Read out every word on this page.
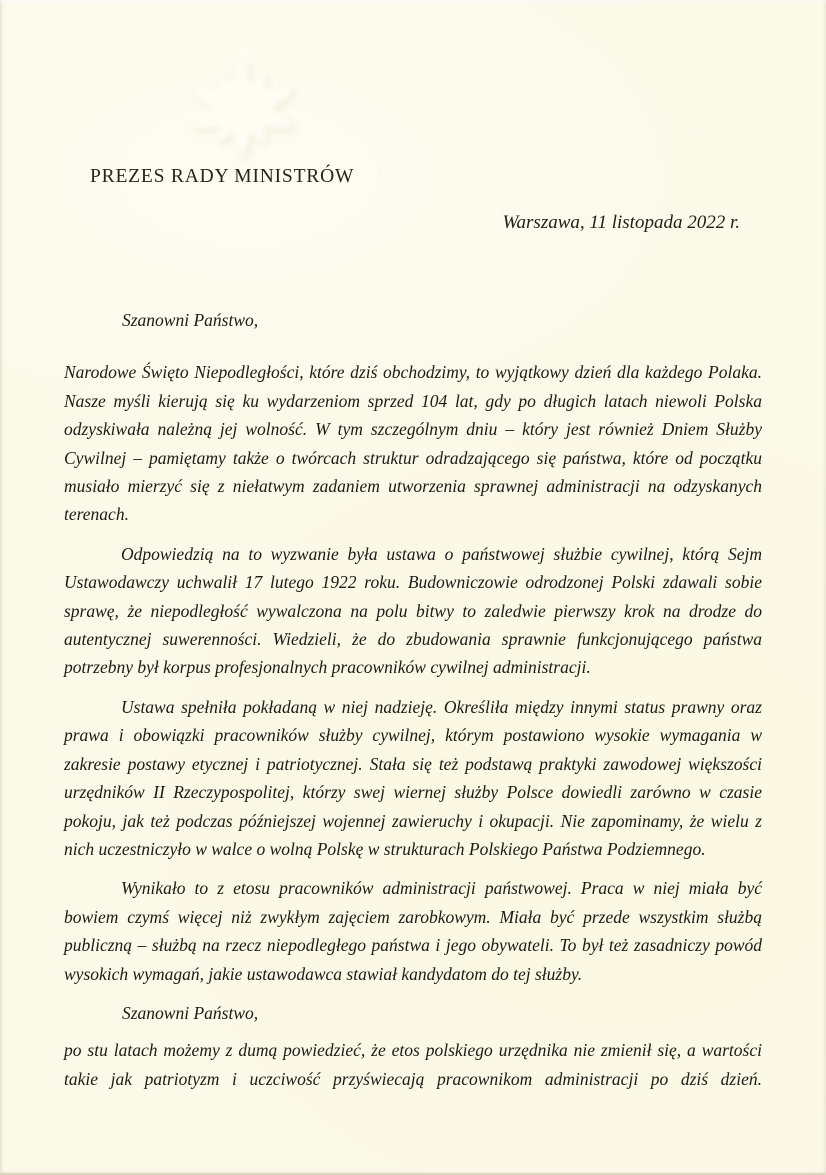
PREZES RADY MINISTRÓW
Warszawa, 11 listopada 2022 r.

Szanowni Państwo,

Narodowe Święto Niepodległości, które dziś obchodzimy, to wyjątkowy dzień dla każdego Polaka. Nasze myśli kierują się ku wydarzeniom sprzed 104 lat, gdy po długich latach niewoli Polska odzyskiwała należną jej wolność. W tym szczególnym dniu – który jest również Dniem Służby Cywilnej – pamiętamy także o twórcach struktur odradzającego się państwa, które od początku musiało mierzyć się z niełatwym zadaniem utworzenia sprawnej administracji na odzyskanych terenach.

Odpowiedzią na to wyzwanie była ustawa o państwowej służbie cywilnej, którą Sejm Ustawodawczy uchwalił 17 lutego 1922 roku. Budowniczowie odrodzonej Polski zdawali sobie sprawę, że niepodległość wywalczona na polu bitwy to zaledwie pierwszy krok na drodze do autentycznej suwerenności. Wiedzieli, że do zbudowania sprawnie funkcjonującego państwa potrzebny był korpus profesjonalnych pracowników cywilnej administracji.

Ustawa spełniła pokładaną w niej nadzieję. Określiła między innymi status prawny oraz prawa i obowiązki pracowników służby cywilnej, którym postawiono wysokie wymagania w zakresie postawy etycznej i patriotycznej. Stała się też podstawą praktyki zawodowej większości urzędników II Rzeczypospolitej, którzy swej wiernej służby Polsce dowiedli zarówno w czasie pokoju, jak też podczas późniejszej wojennej zawieruchy i okupacji. Nie zapominamy, że wielu z nich uczestniczyło w walce o wolną Polskę w strukturach Polskiego Państwa Podziemnego.

Wynikało to z etosu pracowników administracji państwowej. Praca w niej miała być bowiem czymś więcej niż zwykłym zajęciem zarobkowym. Miała być przede wszystkim służbą publiczną – służbą na rzecz niepodległego państwa i jego obywateli. To był też zasadniczy powód wysokich wymagań, jakie ustawodawca stawiał kandydatom do tej służby.

Szanowni Państwo,

po stu latach możemy z dumą powiedzieć, że etos polskiego urzędnika nie zmienił się, a wartości takie jak patriotyzm i uczciwość przyświecają pracownikom administracji po dziś dzień.
